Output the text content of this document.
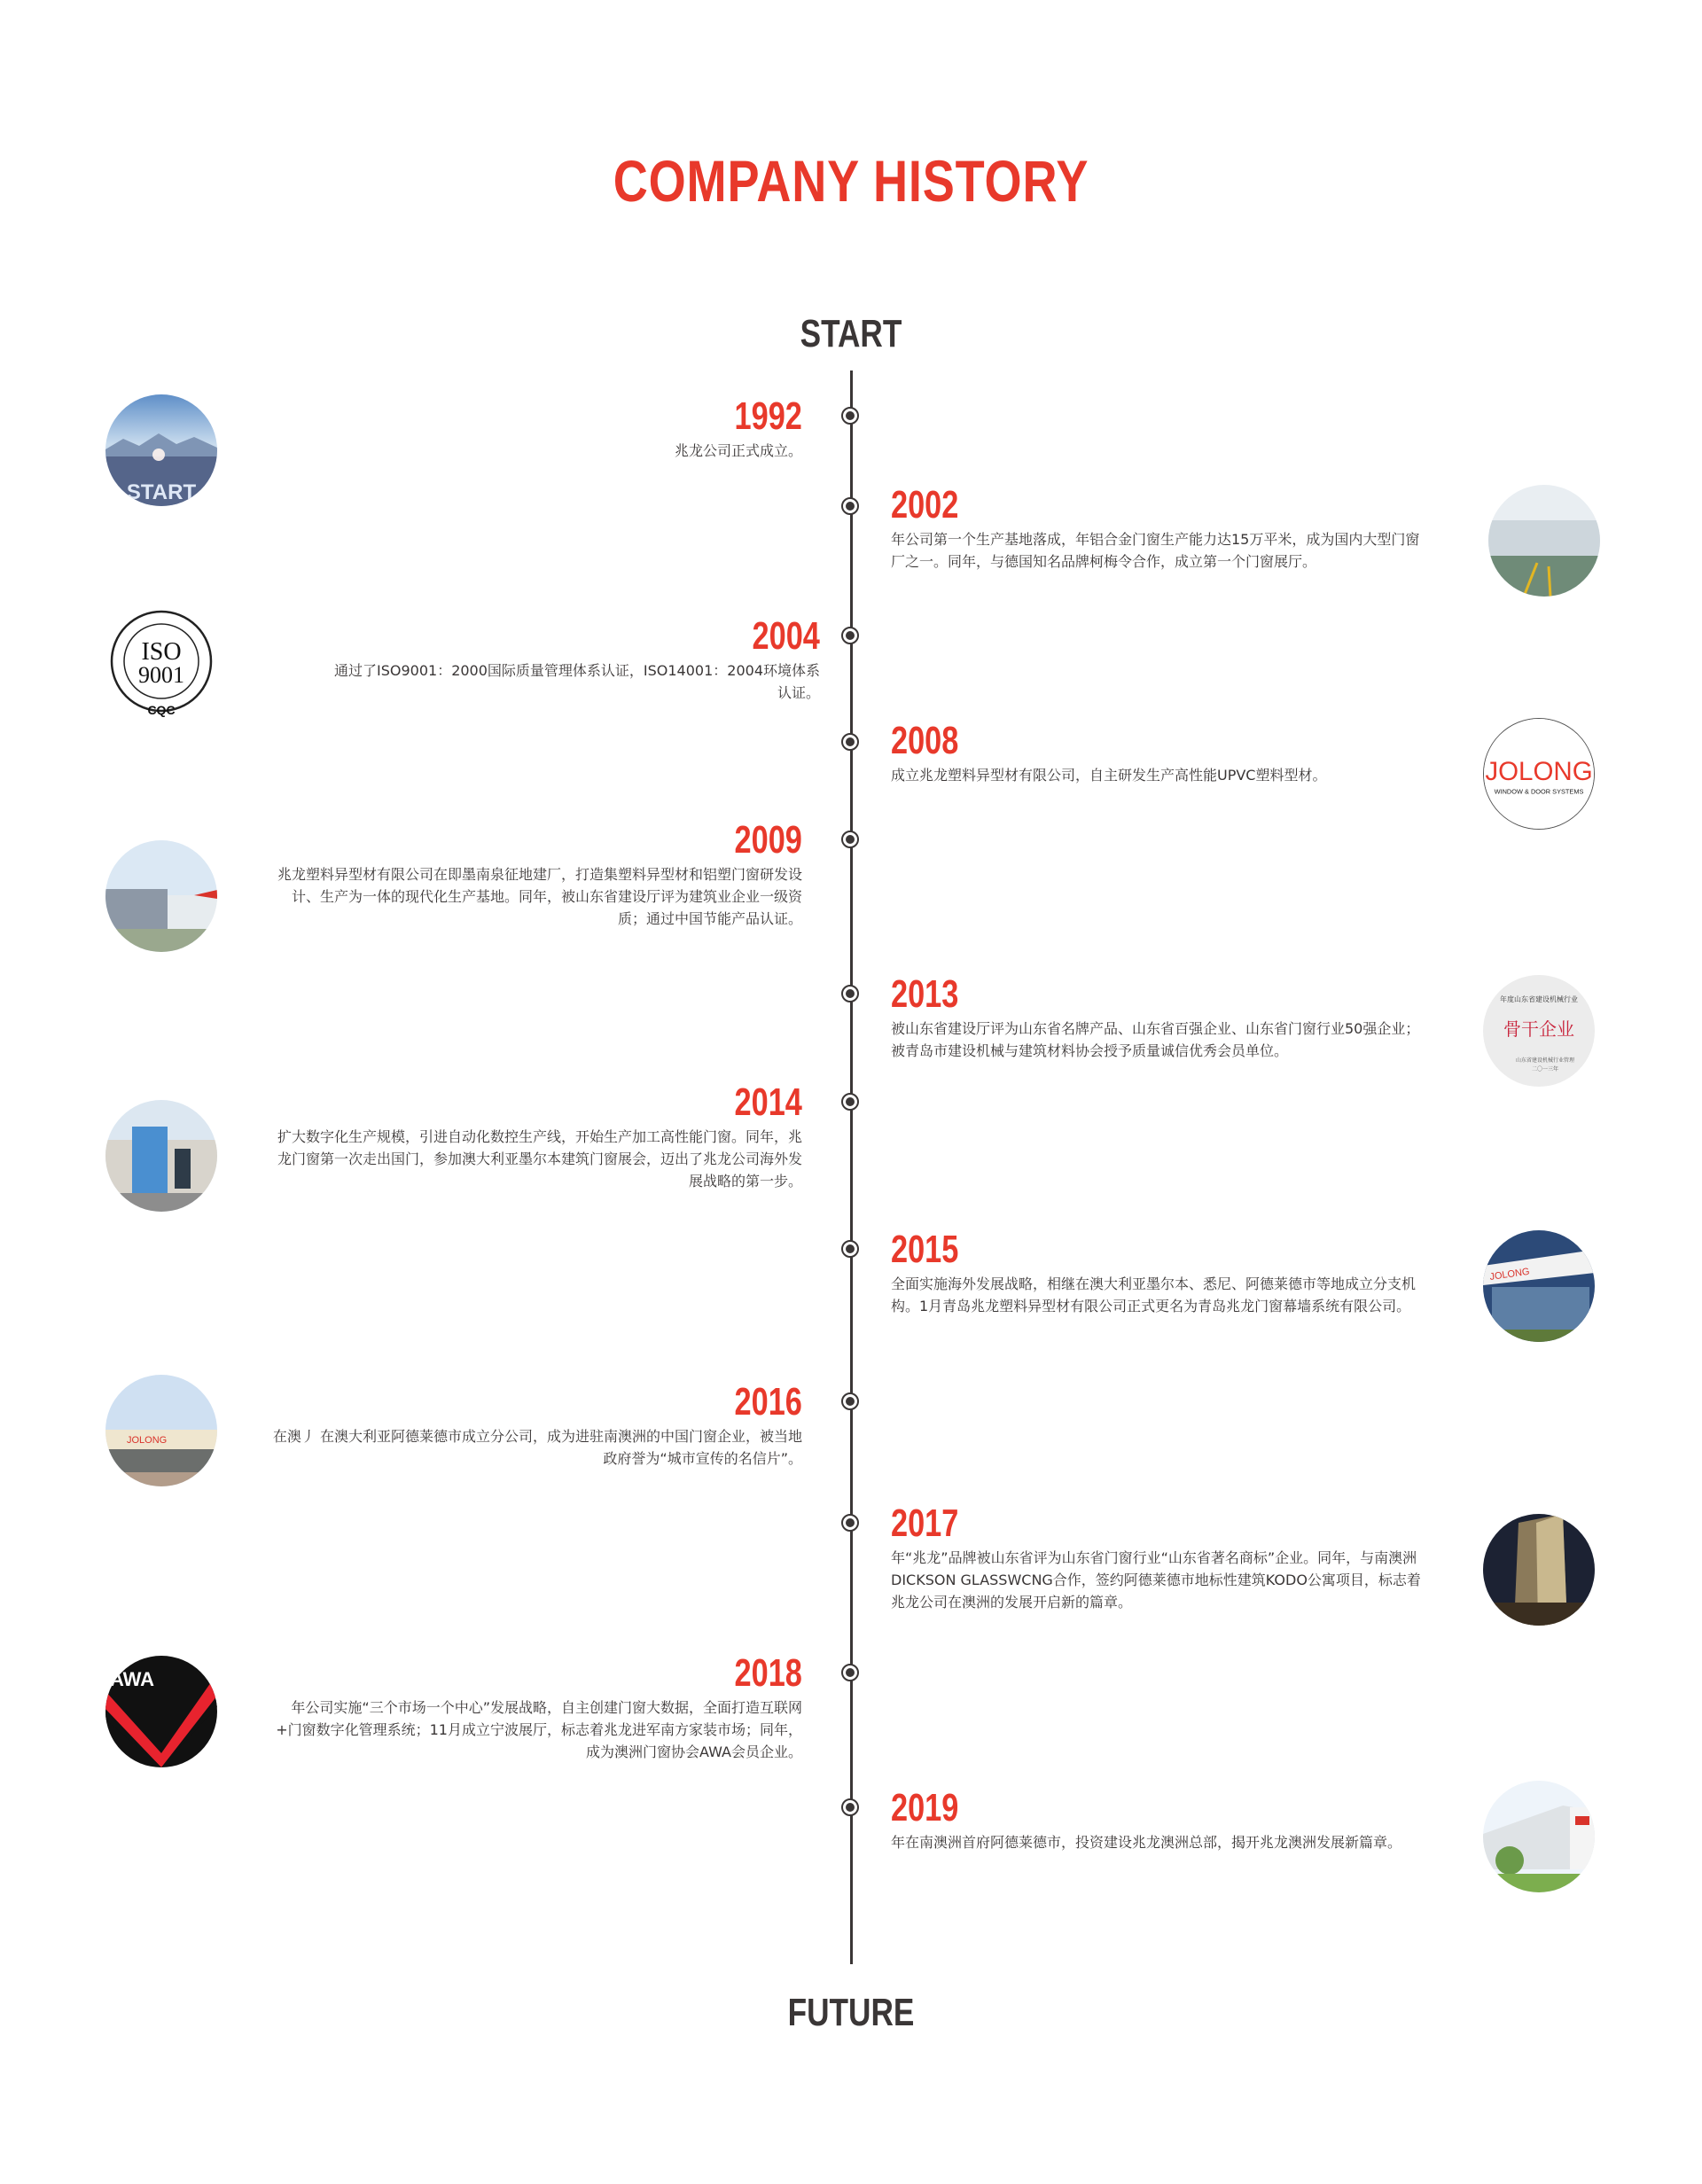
COMPANY HISTORY
START
FUTURE
1992
兆龙公司正式成立。
2002
年公司第一个生产基地落成，年铝合金门窗生产能力达15万平米，成为国内大型门窗厂之一。同年，与德国知名品牌柯梅令合作，成立第一个门窗展厅。
2004
通过了ISO9001：2000国际质量管理体系认证，ISO14001：2004环境体系认证。
2008
成立兆龙塑料异型材有限公司，自主研发生产高性能UPVC塑料型材。
2009
兆龙塑料异型材有限公司在即墨南泉征地建厂，打造集塑料异型材和铝塑门窗研发设计、生产为一体的现代化生产基地。同年，被山东省建设厅评为建筑业企业一级资质；通过中国节能产品认证。
2013
被山东省建设厅评为山东省名牌产品、山东省百强企业、山东省门窗行业50强企业；被青岛市建设机械与建筑材料协会授予质量诚信优秀会员单位。
2014
扩大数字化生产规模，引进自动化数控生产线，开始生产加工高性能门窗。同年，兆龙门窗第一次走出国门，参加澳大利亚墨尔本建筑门窗展会，迈出了兆龙公司海外发展战略的第一步。
2015
全面实施海外发展战略，相继在澳大利亚墨尔本、悉尼、阿德莱德市等地成立分支机构。1月青岛兆龙塑料异型材有限公司正式更名为青岛兆龙门窗幕墙系统有限公司。
2016
在澳丿 在澳大利亚阿德莱德市成立分公司，成为进驻南澳洲的中国门窗企业，被当地政府誉为“城市宣传的名信片”。
2017
年“兆龙”品牌被山东省评为山东省门窗行业“山东省著名商标”企业。同年，与南澳洲DICKSON GLASSWCNG合作，签约阿德莱德市地标性建筑KODO公寓项目，标志着兆龙公司在澳洲的发展开启新的篇章。
2018
年公司实施“三个市场一个中心”发展战略，自主创建门窗大数据，全面打造互联网+门窗数字化管理系统；11月成立宁波展厅，标志着兆龙进军南方家装市场；同年，成为澳洲门窗协会AWA会员企业。
2019
年在南澳洲首府阿德莱德市，投资建设兆龙澳洲总部，揭开兆龙澳洲发展新篇章。
START
ISO
9001
CQC
JOLONG
AWA
JOLONG
WINDOW & DOOR SYSTEMS
年度山东省建设机械行业
骨干企业
山东省建设机械行业管理
二〇一三年
JOLONG
